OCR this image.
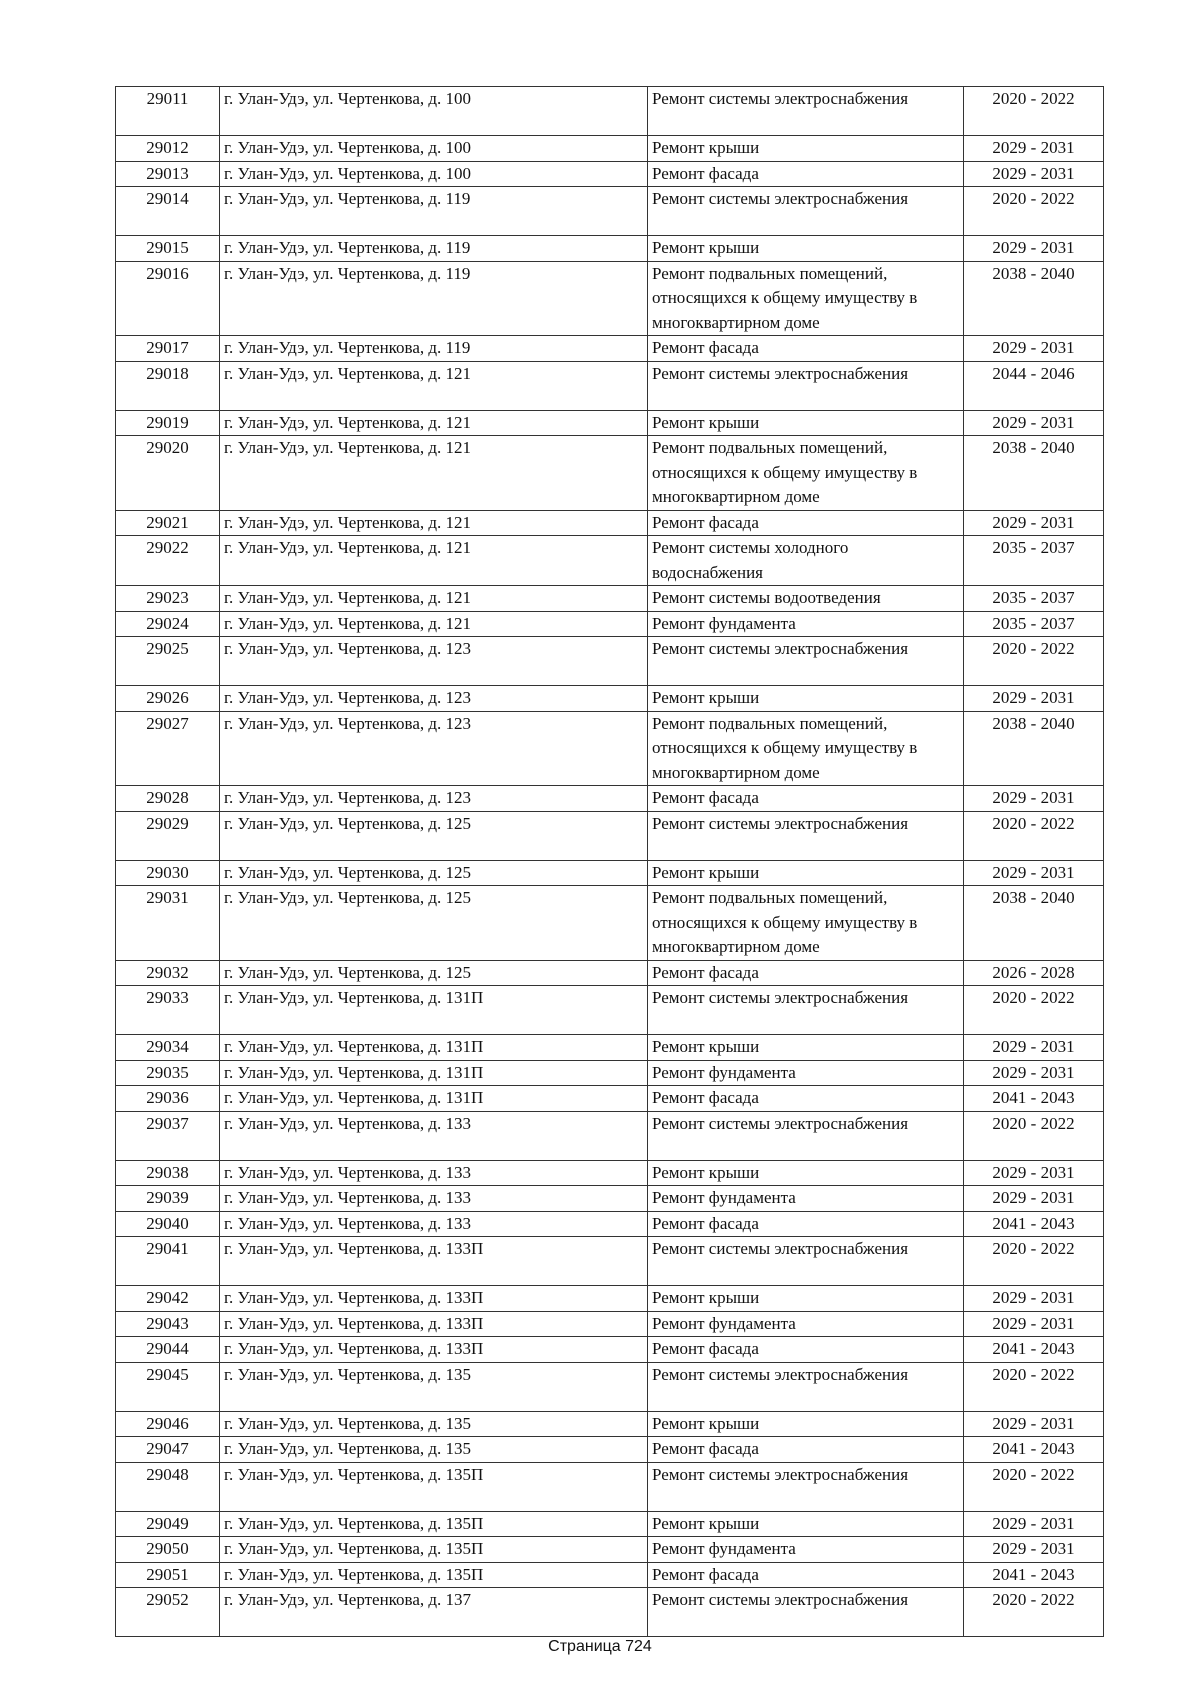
29011	г. Улан-Удэ, ул. Чертенкова, д. 100	Ремонт системы электроснабжения	2020 - 2022
29012	г. Улан-Удэ, ул. Чертенкова, д. 100	Ремонт крыши	2029 - 2031
29013	г. Улан-Удэ, ул. Чертенкова, д. 100	Ремонт фасада	2029 - 2031
29014	г. Улан-Удэ, ул. Чертенкова, д. 119	Ремонт системы электроснабжения	2020 - 2022
29015	г. Улан-Удэ, ул. Чертенкова, д. 119	Ремонт крыши	2029 - 2031
29016	г. Улан-Удэ, ул. Чертенкова, д. 119	Ремонт подвальных помещений, относящихся к общему имуществу в многоквартирном доме	2038 - 2040
29017	г. Улан-Удэ, ул. Чертенкова, д. 119	Ремонт фасада	2029 - 2031
29018	г. Улан-Удэ, ул. Чертенкова, д. 121	Ремонт системы электроснабжения	2044 - 2046
29019	г. Улан-Удэ, ул. Чертенкова, д. 121	Ремонт крыши	2029 - 2031
29020	г. Улан-Удэ, ул. Чертенкова, д. 121	Ремонт подвальных помещений, относящихся к общему имуществу в многоквартирном доме	2038 - 2040
29021	г. Улан-Удэ, ул. Чертенкова, д. 121	Ремонт фасада	2029 - 2031
29022	г. Улан-Удэ, ул. Чертенкова, д. 121	Ремонт системы холодного водоснабжения	2035 - 2037
29023	г. Улан-Удэ, ул. Чертенкова, д. 121	Ремонт системы водоотведения	2035 - 2037
29024	г. Улан-Удэ, ул. Чертенкова, д. 121	Ремонт фундамента	2035 - 2037
29025	г. Улан-Удэ, ул. Чертенкова, д. 123	Ремонт системы электроснабжения	2020 - 2022
29026	г. Улан-Удэ, ул. Чертенкова, д. 123	Ремонт крыши	2029 - 2031
29027	г. Улан-Удэ, ул. Чертенкова, д. 123	Ремонт подвальных помещений, относящихся к общему имуществу в многоквартирном доме	2038 - 2040
29028	г. Улан-Удэ, ул. Чертенкова, д. 123	Ремонт фасада	2029 - 2031
29029	г. Улан-Удэ, ул. Чертенкова, д. 125	Ремонт системы электроснабжения	2020 - 2022
29030	г. Улан-Удэ, ул. Чертенкова, д. 125	Ремонт крыши	2029 - 2031
29031	г. Улан-Удэ, ул. Чертенкова, д. 125	Ремонт подвальных помещений, относящихся к общему имуществу в многоквартирном доме	2038 - 2040
29032	г. Улан-Удэ, ул. Чертенкова, д. 125	Ремонт фасада	2026 - 2028
29033	г. Улан-Удэ, ул. Чертенкова, д. 131П	Ремонт системы электроснабжения	2020 - 2022
29034	г. Улан-Удэ, ул. Чертенкова, д. 131П	Ремонт крыши	2029 - 2031
29035	г. Улан-Удэ, ул. Чертенкова, д. 131П	Ремонт фундамента	2029 - 2031
29036	г. Улан-Удэ, ул. Чертенкова, д. 131П	Ремонт фасада	2041 - 2043
29037	г. Улан-Удэ, ул. Чертенкова, д. 133	Ремонт системы электроснабжения	2020 - 2022
29038	г. Улан-Удэ, ул. Чертенкова, д. 133	Ремонт крыши	2029 - 2031
29039	г. Улан-Удэ, ул. Чертенкова, д. 133	Ремонт фундамента	2029 - 2031
29040	г. Улан-Удэ, ул. Чертенкова, д. 133	Ремонт фасада	2041 - 2043
29041	г. Улан-Удэ, ул. Чертенкова, д. 133П	Ремонт системы электроснабжения	2020 - 2022
29042	г. Улан-Удэ, ул. Чертенкова, д. 133П	Ремонт крыши	2029 - 2031
29043	г. Улан-Удэ, ул. Чертенкова, д. 133П	Ремонт фундамента	2029 - 2031
29044	г. Улан-Удэ, ул. Чертенкова, д. 133П	Ремонт фасада	2041 - 2043
29045	г. Улан-Удэ, ул. Чертенкова, д. 135	Ремонт системы электроснабжения	2020 - 2022
29046	г. Улан-Удэ, ул. Чертенкова, д. 135	Ремонт крыши	2029 - 2031
29047	г. Улан-Удэ, ул. Чертенкова, д. 135	Ремонт фасада	2041 - 2043
29048	г. Улан-Удэ, ул. Чертенкова, д. 135П	Ремонт системы электроснабжения	2020 - 2022
29049	г. Улан-Удэ, ул. Чертенкова, д. 135П	Ремонт крыши	2029 - 2031
29050	г. Улан-Удэ, ул. Чертенкова, д. 135П	Ремонт фундамента	2029 - 2031
29051	г. Улан-Удэ, ул. Чертенкова, д. 135П	Ремонт фасада	2041 - 2043
29052	г. Улан-Удэ, ул. Чертенкова, д. 137	Ремонт системы электроснабжения	2020 - 2022
Страница 724
